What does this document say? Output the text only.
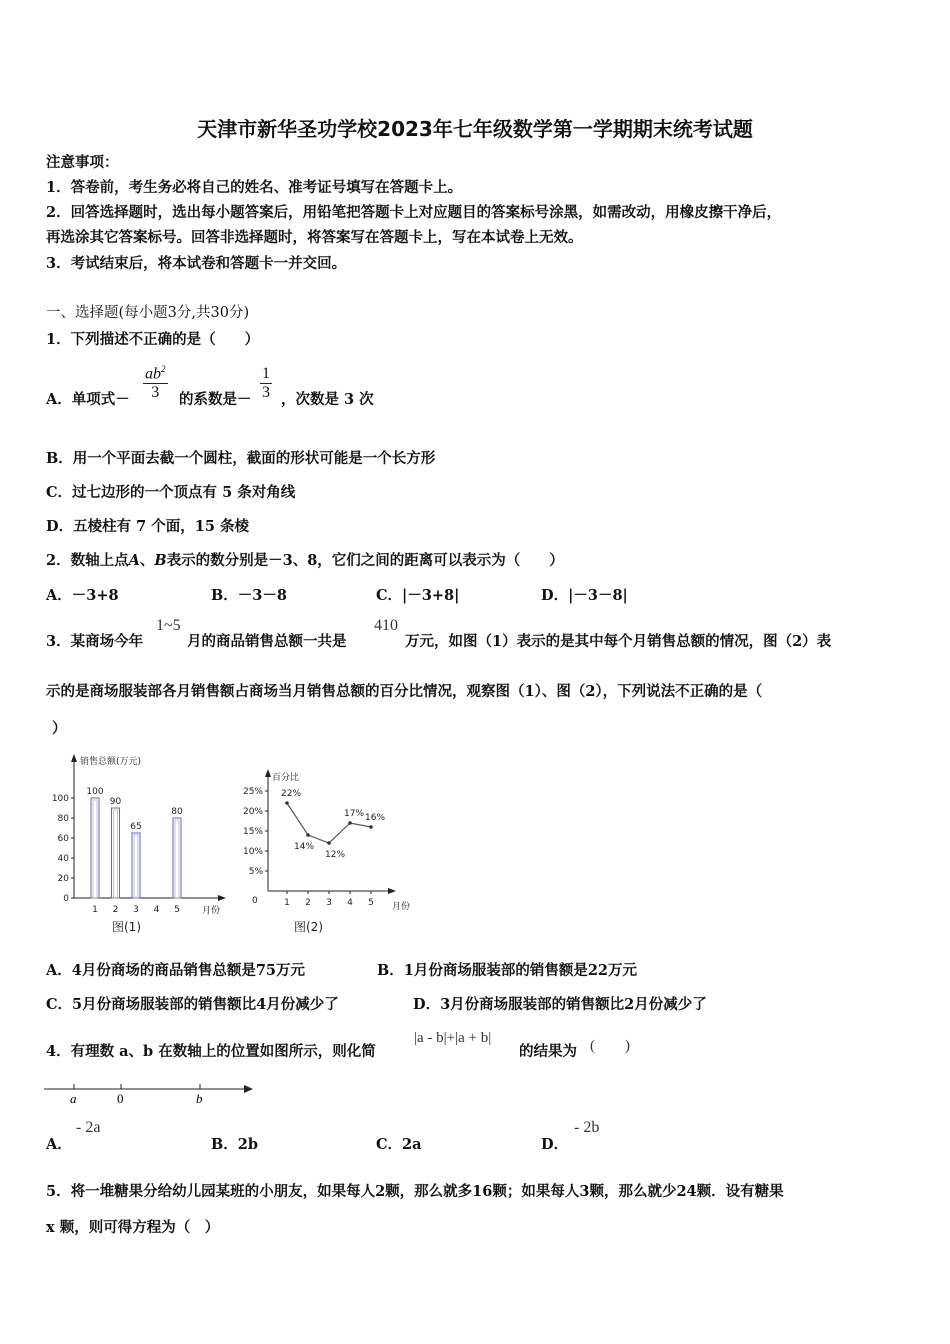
天津市新华圣功学校2023年七年级数学第一学期期末统考试题
注意事项：
1．答卷前，考生务必将自己的姓名、准考证号填写在答题卡上。
2．回答选择题时，选出每小题答案后，用铅笔把答题卡上对应题目的答案标号涂黑，如需改动，用橡皮擦干净后，
再选涂其它答案标号。回答非选择题时，将答案写在答题卡上，写在本试卷上无效。
3．考试结束后，将本试卷和答题卡一并交回。
一、选择题(每小题3分,共30分)
1．下列描述不正确的是（　　）
A．单项式－ $\frac{ab^2}{3}$ 的系数是－ $\frac{1}{3}$ ，次数是 3 次
B．用一个平面去截一个圆柱，截面的形状可能是一个长方形
C．过七边形的一个顶点有 5 条对角线
D．五棱柱有 7 个面，15 条棱
2．数轴上点A、B表示的数分别是－3、8，它们之间的距离可以表示为（　　）
A．－3+8	B．－3－8	C．|－3+8|	D．|－3－8|
3．某商场今年
1~5
月的商品销售总额一共是
410
万元，如图（1）表示的是其中每个月销售总额的情况，图（2）表
示的是商场服装部各月销售额占商场当月销售总额的百分比情况，观察图（1）、图（2），下列说法不正确的是（
）
销售总额(万元)
月份
图(1)
0
20
40
60
80
100
1 2 3 4 5
100
90
65
80
百分比
0
月份
图(2)
5%
10%
15%
20%
25%
1 2 3 4 5
22%
14%
12%
17% 16%
A．4月份商场的商品销售总额是75万元	B．1月份商场服装部的销售额是22万元
C．5月份商场服装部的销售额比4月份减少了	D．3月份商场服装部的销售额比2月份减少了
4．有理数 a、b 在数轴上的位置如图所示，则化简
|a - b|+|a + b|
的结果为 (　　)
a	0	b
A．
- 2a
B．2b	C．2a	D．
- 2b
5．将一堆糖果分给幼儿园某班的小朋友，如果每人2颗，那么就多16颗；如果每人3颗，那么就少24颗．设有糖果
x 颗，则可得方程为（　）
